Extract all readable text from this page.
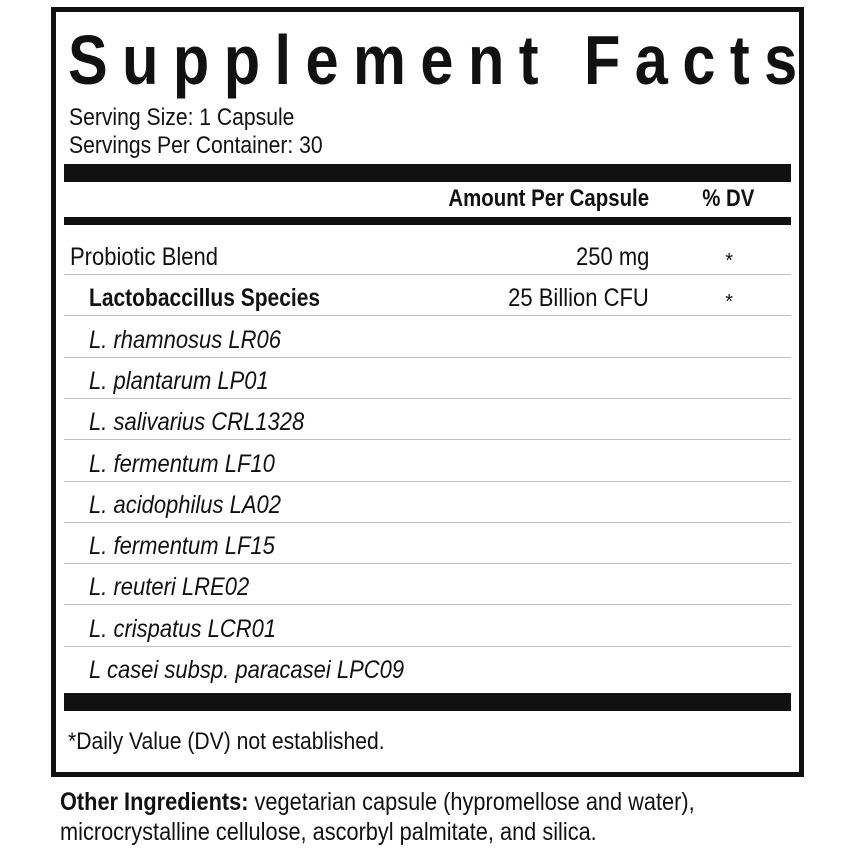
Supplement Facts
Serving Size: 1 Capsule
Servings Per Container: 30
Amount Per Capsule % DV
Probiotic Blend	250 mg	*
Lactobaccillus Species	25 Billion CFU	*
L. rhamnosus LR06
L. plantarum LP01
L. salivarius CRL1328
L. fermentum LF10
L. acidophilus LA02
L. fermentum LF15
L. reuteri LRE02
L. crispatus LCR01
L casei subsp. paracasei LPC09
*Daily Value (DV) not established.
Other Ingredients: vegetarian capsule (hypromellose and water), microcrystalline cellulose, ascorbyl palmitate, and silica.
